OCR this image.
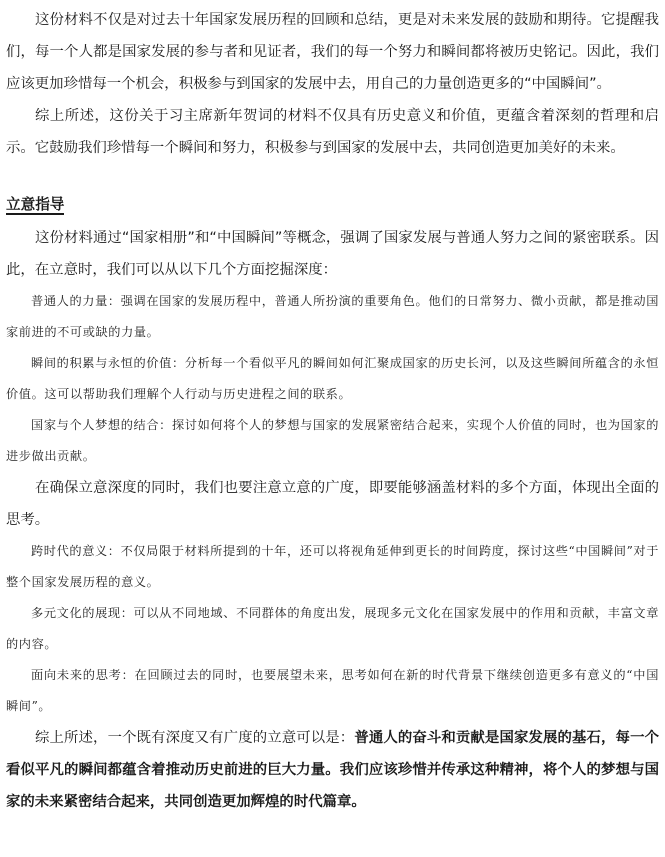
这份材料不仅是对过去十年国家发展历程的回顾和总结，更是对未来发展的鼓励和期待。它提醒我们，每一个人都是国家发展的参与者和见证者，我们的每一个努力和瞬间都将被历史铭记。因此，我们应该更加珍惜每一个机会，积极参与到国家的发展中去，用自己的力量创造更多的“中国瞬间”。

综上所述，这份关于习主席新年贺词的材料不仅具有历史意义和价值，更蕴含着深刻的哲理和启示。它鼓励我们珍惜每一个瞬间和努力，积极参与到国家的发展中去，共同创造更加美好的未来。

立意指导

这份材料通过“国家相册”和“中国瞬间”等概念，强调了国家发展与普通人努力之间的紧密联系。因此，在立意时，我们可以从以下几个方面挖掘深度：

普通人的力量：强调在国家的发展历程中，普通人所扮演的重要角色。他们的日常努力、微小贡献，都是推动国家前进的不可或缺的力量。

瞬间的积累与永恒的价值：分析每一个看似平凡的瞬间如何汇聚成国家的历史长河，以及这些瞬间所蕴含的永恒价值。这可以帮助我们理解个人行动与历史进程之间的联系。

国家与个人梦想的结合：探讨如何将个人的梦想与国家的发展紧密结合起来，实现个人价值的同时，也为国家的进步做出贡献。

在确保立意深度的同时，我们也要注意立意的广度，即要能够涵盖材料的多个方面，体现出全面的思考。

跨时代的意义：不仅局限于材料所提到的十年，还可以将视角延伸到更长的时间跨度，探讨这些“中国瞬间”对于整个国家发展历程的意义。

多元文化的展现：可以从不同地域、不同群体的角度出发，展现多元文化在国家发展中的作用和贡献，丰富文章的内容。

面向未来的思考：在回顾过去的同时，也要展望未来，思考如何在新的时代背景下继续创造更多有意义的“中国瞬间”。

综上所述，一个既有深度又有广度的立意可以是：普通人的奋斗和贡献是国家发展的基石，每一个看似平凡的瞬间都蕴含着推动历史前进的巨大力量。我们应该珍惜并传承这种精神，将个人的梦想与国家的未来紧密结合起来，共同创造更加辉煌的时代篇章。
